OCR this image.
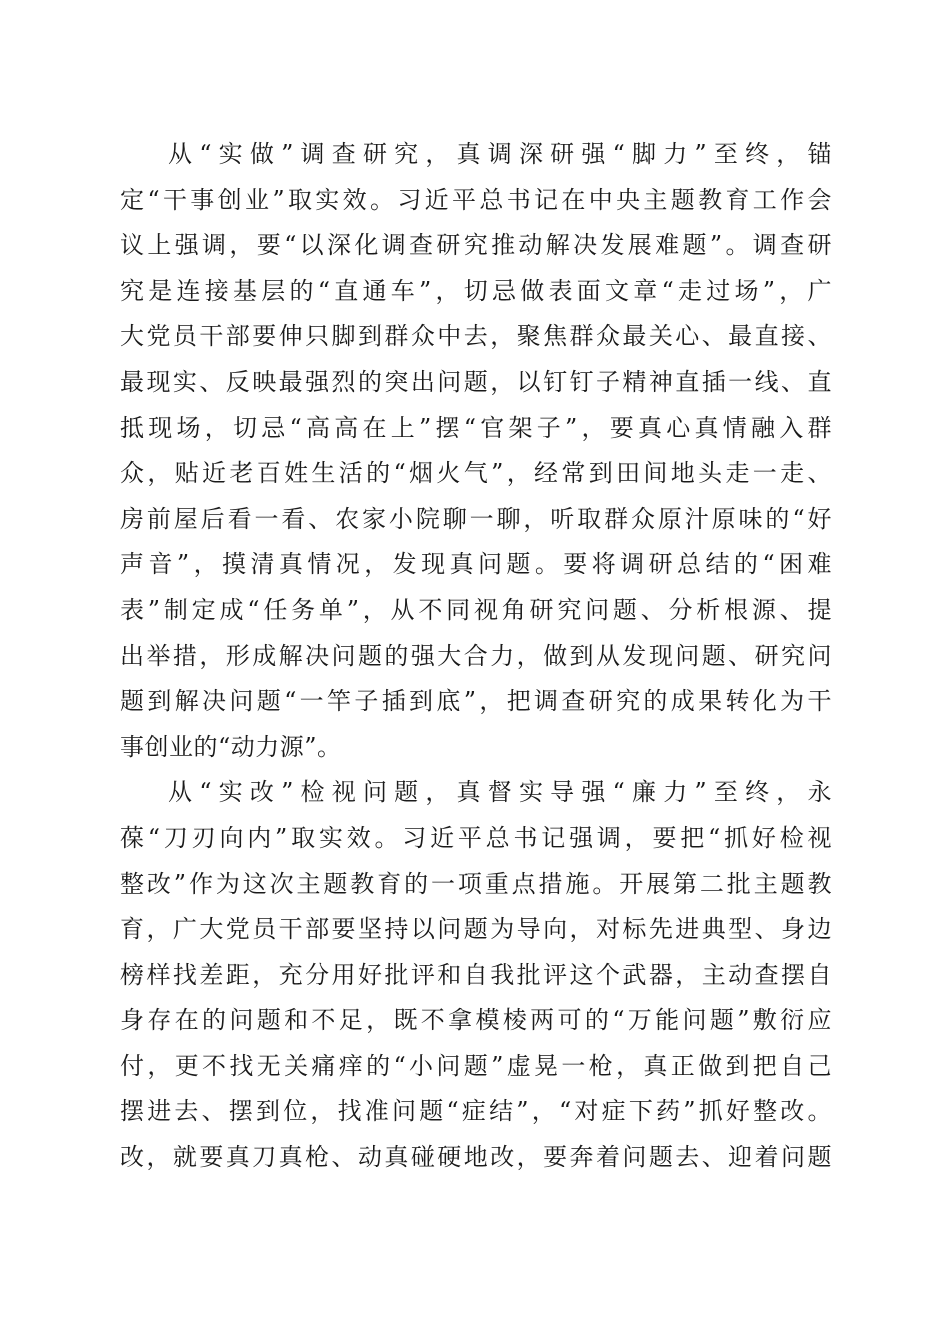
从“实做”调查研究，真调深研强“脚力”至终，锚
定“干事创业”取实效。习近平总书记在中央主题教育工作会
议上强调，要“以深化调查研究推动解决发展难题”。调查研
究是连接基层的“直通车”，切忌做表面文章“走过场”，广
大党员干部要伸只脚到群众中去，聚焦群众最关心、最直接、
最现实、反映最强烈的突出问题，以钉钉子精神直插一线、直
抵现场，切忌“高高在上”摆“官架子”，要真心真情融入群
众，贴近老百姓生活的“烟火气”，经常到田间地头走一走、
房前屋后看一看、农家小院聊一聊，听取群众原汁原味的“好
声音”，摸清真情况，发现真问题。要将调研总结的“困难
表”制定成“任务单”，从不同视角研究问题、分析根源、提
出举措，形成解决问题的强大合力，做到从发现问题、研究问
题到解决问题“一竿子插到底”，把调查研究的成果转化为干
事创业的“动力源”。
从“实改”检视问题，真督实导强“廉力”至终，永
葆“刀刃向内”取实效。习近平总书记强调，要把“抓好检视
整改”作为这次主题教育的一项重点措施。开展第二批主题教
育，广大党员干部要坚持以问题为导向，对标先进典型、身边
榜样找差距，充分用好批评和自我批评这个武器，主动查摆自
身存在的问题和不足，既不拿模棱两可的“万能问题”敷衍应
付，更不找无关痛痒的“小问题”虚晃一枪，真正做到把自己
摆进去、摆到位，找准问题“症结”，“对症下药”抓好整改。
改，就要真刀真枪、动真碰硬地改，要奔着问题去、迎着问题
